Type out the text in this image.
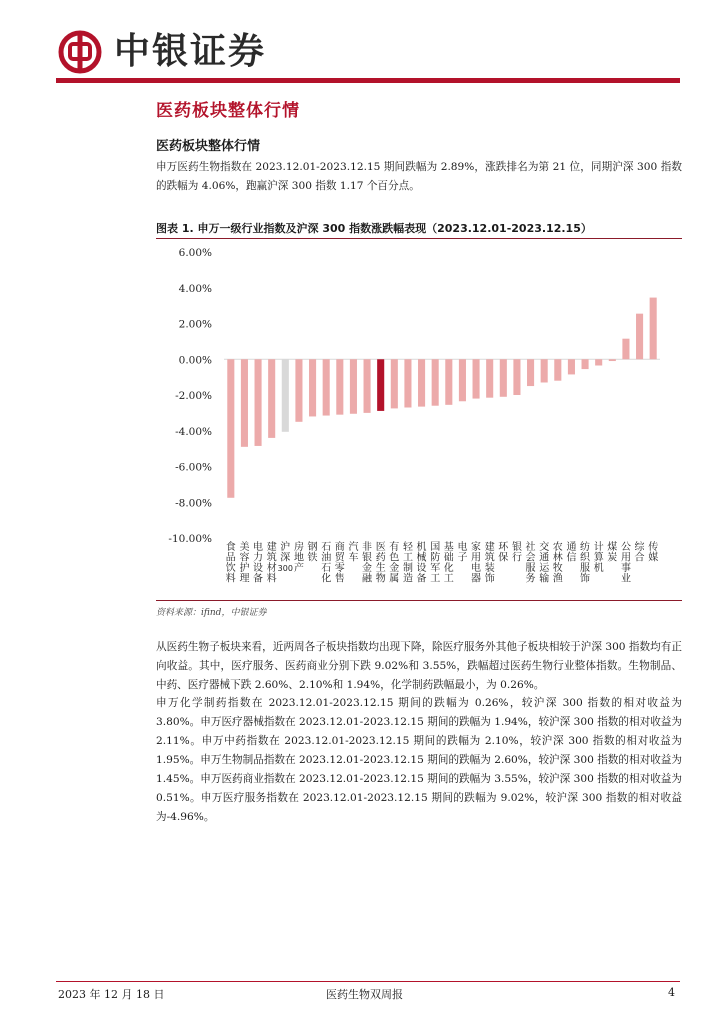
中银证券
医药板块整体行情
医药板块整体行情

申万医药生物指数在 2023.12.01-2023.12.15 期间跌幅为 2.89%，涨跌排名为第 21 位，同期沪深 300 指数的跌幅为 4.06%，跑赢沪深 300 指数 1.17 个百分点。

图表 1. 申万一级行业指数及沪深 300 指数涨跌幅表现（2023.12.01-2023.12.15）
6.00%
4.00%
2.00%
0.00%
-2.00%
-4.00%
-6.00%
-8.00%
-10.00%
食品饮料
美容护理
电力设备
建筑材料
沪深 300
房地产
钢铁
石油石化
商贸零售
汽车
非银金融
医药生物
有色金属
轻工制造
机械设备
国防军工
基础化工
电子
家用电器
建筑装饰
环保
银行
社会服务
交通运输
农林牧渔
通信
纺织服饰
计算机
煤炭
公用事业
综合
传媒
资料来源：ifind，中银证券

从医药生物子板块来看，近两周各子板块指数均出现下降，除医疗服务外其他子板块相较于沪深 300 指数均有正向收益。其中，医疗服务、医药商业分别下跌 9.02%和 3.55%，跌幅超过医药生物行业整体指数。生物制品、中药、医疗器械下跌 2.60%、2.10%和 1.94%，化学制药跌幅最小，为 0.26%。

申万化学制药指数在 2023.12.01-2023.12.15 期间的跌幅为 0.26%，较沪深 300 指数的相对收益为 3.80%。申万医疗器械指数在 2023.12.01-2023.12.15 期间的跌幅为 1.94%，较沪深 300 指数的相对收益为 2.11%。申万中药指数在 2023.12.01-2023.12.15 期间的跌幅为 2.10%，较沪深 300 指数的相对收益为 1.95%。申万生物制品指数在 2023.12.01-2023.12.15 期间的跌幅为 2.60%，较沪深 300 指数的相对收益为 1.45%。申万医药商业指数在 2023.12.01-2023.12.15 期间的跌幅为 3.55%，较沪深 300 指数的相对收益为 0.51%。申万医疗服务指数在 2023.12.01-2023.12.15 期间的跌幅为 9.02%，较沪深 300 指数的相对收益为-4.96%。

2023 年 12 月 18 日	医药生物双周报	4
